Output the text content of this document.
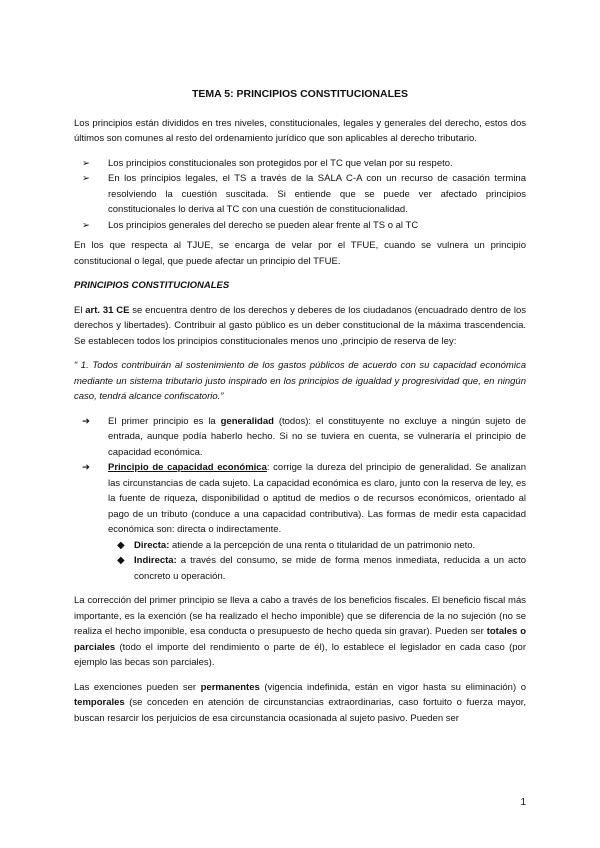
TEMA 5: PRINCIPIOS CONSTITUCIONALES

Los principios están divididos en tres niveles, constitucionales, legales y generales del derecho, estos dos últimos son comunes al resto del ordenamiento jurídico que son aplicables al derecho tributario.

➢ Los principios constitucionales son protegidos por el TC que velan por su respeto.
➢ En los principios legales, el TS a través de la SALA C-A con un recurso de casación termina resolviendo la cuestión suscitada. Si entiende que se puede ver afectado principios constitucionales lo deriva al TC con una cuestión de constitucionalidad.
➢ Los principios generales del derecho se pueden alear frente al TS o al TC

En los que respecta al TJUE, se encarga de velar por el TFUE, cuando se vulnera un principio constitucional o legal, que puede afectar un principio del TFUE.

PRINCIPIOS CONSTITUCIONALES

El art. 31 CE se encuentra dentro de los derechos y deberes de los ciudadanos (encuadrado dentro de los derechos y libertades). Contribuir al gasto público es un deber constitucional de la máxima trascendencia. Se establecen todos los principios constitucionales menos uno ,principio de reserva de ley:

“ 1. Todos contribuirán al sostenimiento de los gastos públicos de acuerdo con su capacidad económica mediante un sistema tributario justo inspirado en los principios de igualdad y progresividad que, en ningún caso, tendrá alcance confiscatorio.”

➔ El primer principio es la generalidad (todos): el constituyente no excluye a ningún sujeto de entrada, aunque podía haberlo hecho. Si no se tuviera en cuenta, se vulneraría el principio de capacidad económica.
➔ Principio de capacidad económica: corrige la dureza del principio de generalidad. Se analizan las circunstancias de cada sujeto. La capacidad económica es claro, junto con la reserva de ley, es la fuente de riqueza, disponibilidad o aptitud de medios o de recursos económicos, orientado al pago de un tributo (conduce a una capacidad contributiva). Las formas de medir esta capacidad económica son: directa o indirectamente.
◆ Directa: atiende a la percepción de una renta o titularidad de un patrimonio neto.
◆ Indirecta: a través del consumo, se mide de forma menos inmediata, reducida a un acto concreto u operación.

La corrección del primer principio se lleva a cabo a través de los beneficios fiscales. El beneficio fiscal más importante, es la exención (se ha realizado el hecho imponible) que se diferencia de la no sujeción (no se realiza el hecho imponible, esa conducta o presupuesto de hecho queda sin gravar). Pueden ser totales o parciales (todo el importe del rendimiento o parte de él), lo establece el legislador en cada caso (por ejemplo las becas son parciales).

Las exenciones pueden ser permanentes (vigencia indefinida, están en vigor hasta su eliminación) o temporales (se conceden en atención de circunstancias extraordinarias, caso fortuito o fuerza mayor, buscan resarcir los perjuicios de esa circunstancia ocasionada al sujeto pasivo. Pueden ser

1
